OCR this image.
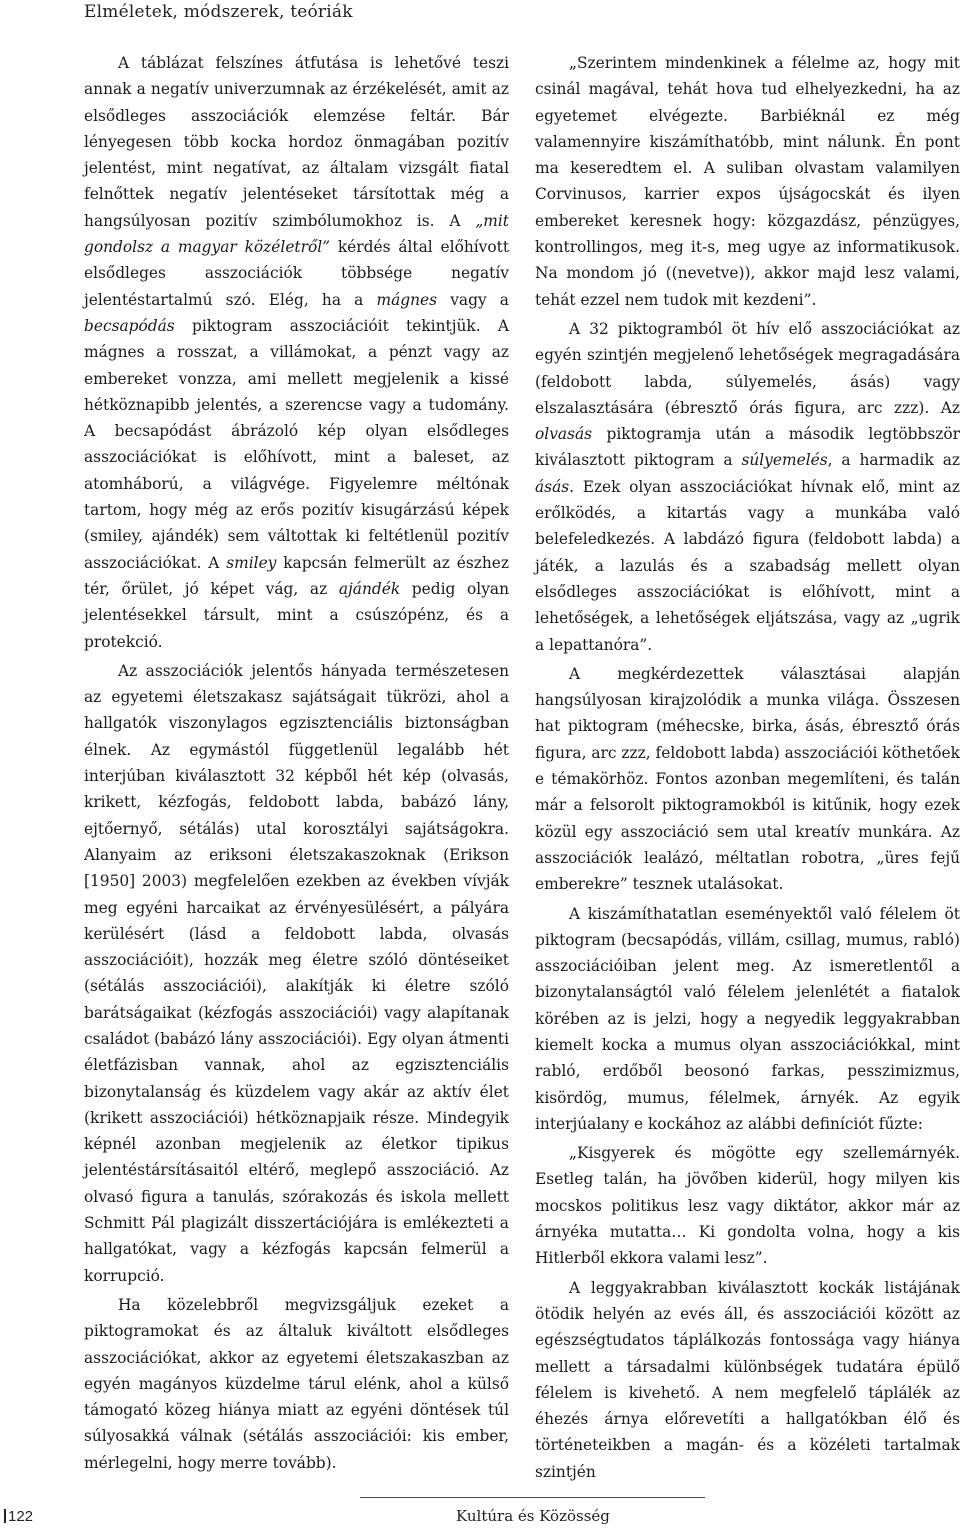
Elméletek, módszerek, teóriák

A táblázat felszínes átfutása is lehetővé teszi annak a negatív univerzumnak az érzékelését, amit az elsődleges asszociációk elemzése feltár. Bár lényegesen több kocka hordoz önmagában pozitív jelentést, mint negatívat, az általam vizsgált fiatal felnőttek negatív jelentéseket társítottak még a hangsúlyosan pozitív szimbólumokhoz is. A „mit gondolsz a magyar közéletről” kérdés által előhívott elsődleges asszociációk többsége negatív jelentéstartalmú szó. Elég, ha a mágnes vagy a becsapódás piktogram asszociációit tekintjük. A mágnes a rosszat, a villámokat, a pénzt vagy az embereket vonzza, ami mellett megjelenik a kissé hétköznapibb jelentés, a szerencse vagy a tudomány. A becsapódást ábrázoló kép olyan elsődleges asszociációkat is előhívott, mint a baleset, az atomháború, a világvége. Figyelemre méltónak tartom, hogy még az erős pozitív kisugárzású képek (smiley, ajándék) sem váltottak ki feltétlenül pozitív asszociációkat. A smiley kapcsán felmerült az észhez tér, őrület, jó képet vág, az ajándék pedig olyan jelentésekkel társult, mint a csúszópénz, és a protekció.

Az asszociációk jelentős hányada természetesen az egyetemi életszakasz sajátságait tükrözi, ahol a hallgatók viszonylagos egzisztenciális biztonságban élnek. Az egymástól függetlenül legalább hét interjúban kiválasztott 32 képből hét kép (olvasás, krikett, kézfogás, feldobott labda, babázó lány, ejtőernyő, sétálás) utal korosztályi sajátságokra. Alanyaim az eriksoni életszakaszoknak (Erikson [1950] 2003) megfelelően ezekben az években vívják meg egyéni harcaikat az érvényesülésért, a pályára kerülésért (lásd a feldobott labda, olvasás asszociációit), hozzák meg életre szóló döntéseiket (sétálás asszociációi), alakítják ki életre szóló barátságaikat (kézfogás asszociációi) vagy alapítanak családot (babázó lány asszociációi). Egy olyan átmenti életfázisban vannak, ahol az egzisztenciális bizonytalanság és küzdelem vagy akár az aktív élet (krikett asszociációi) hétköznapjaik része. Mindegyik képnél azonban megjelenik az életkor tipikus jelentéstársításaitól eltérő, meglepő asszociáció. Az olvasó figura a tanulás, szórakozás és iskola mellett Schmitt Pál plagizált disszertációjára is emlékezteti a hallgatókat, vagy a kézfogás kapcsán felmerül a korrupció.

Ha közelebbről megvizsgáljuk ezeket a piktogramokat és az általuk kiváltott elsődleges asszociációkat, akkor az egyetemi életszakaszban az egyén magányos küzdelme tárul elénk, ahol a külső támogató közeg hiánya miatt az egyéni döntések túl súlyosakká válnak (sétálás asszociációi: kis ember, mérlegelni, hogy merre tovább).

„Szerintem mindenkinek a félelme az, hogy mit csinál magával, tehát hova tud elhelyezkedni, ha az egyetemet elvégezte. Barbiéknál ez még valamennyire kiszámíthatóbb, mint nálunk. Én pont ma keseredtem el. A suliban olvastam valamilyen Corvinusos, karrier expos újságocskát és ilyen embereket keresnek hogy: közgazdász, pénzügyes, kontrollingos, meg it-s, meg ugye az informatikusok. Na mondom jó ((nevetve)), akkor majd lesz valami, tehát ezzel nem tudok mit kezdeni”.

A 32 piktogramból öt hív elő asszociációkat az egyén szintjén megjelenő lehetőségek megragadására (feldobott labda, súlyemelés, ásás) vagy elszalasztására (ébresztő órás figura, arc zzz). Az olvasás piktogramja után a második legtöbbször kiválasztott piktogram a súlyemelés, a harmadik az ásás. Ezek olyan asszociációkat hívnak elő, mint az erőlködés, a kitartás vagy a munkába való belefeledkezés. A labdázó figura (feldobott labda) a játék, a lazulás és a szabadság mellett olyan elsődleges asszociációkat is előhívott, mint a lehetőségek, a lehetőségek eljátszása, vagy az „ugrik a lepattanóra”.

A megkérdezettek választásai alapján hangsúlyosan kirajzolódik a munka világa. Összesen hat piktogram (méhecske, birka, ásás, ébresztő órás figura, arc zzz, feldobott labda) asszociációi köthetőek e témakörhöz. Fontos azonban megemlíteni, és talán már a felsorolt piktogramokból is kitűnik, hogy ezek közül egy asszociáció sem utal kreatív munkára. Az asszociációk lealázó, méltatlan robotra, „üres fejű emberekre” tesznek utalásokat.

A kiszámíthatatlan eseményektől való félelem öt piktogram (becsapódás, villám, csillag, mumus, rabló) asszociációiban jelent meg. Az ismeretlentől a bizonytalanságtól való félelem jelenlétét a fiatalok körében az is jelzi, hogy a negyedik leggyakrabban kiemelt kocka a mumus olyan asszociációkkal, mint rabló, erdőből beosonó farkas, pesszimizmus, kisördög, mumus, félelmek, árnyék. Az egyik interjúalany e kockához az alábbi definíciót fűzte:

„Kisgyerek és mögötte egy szellemárnyék. Esetleg talán, ha jövőben kiderül, hogy milyen kis mocskos politikus lesz vagy diktátor, akkor már az árnyéka mutatta… Ki gondolta volna, hogy a kis Hitlerből ekkora valami lesz”.

A leggyakrabban kiválasztott kockák listájának ötödik helyén az evés áll, és asszociációi között az egészségtudatos táplálkozás fontossága vagy hiánya mellett a társadalmi különbségek tudatára épülő félelem is kivehető. A nem megfelelő táplálék az éhezés árnya előrevetíti a hallgatókban élő és történeteikben a magán- és a közéleti tartalmak szintjén

122	Kultúra és Közösség
